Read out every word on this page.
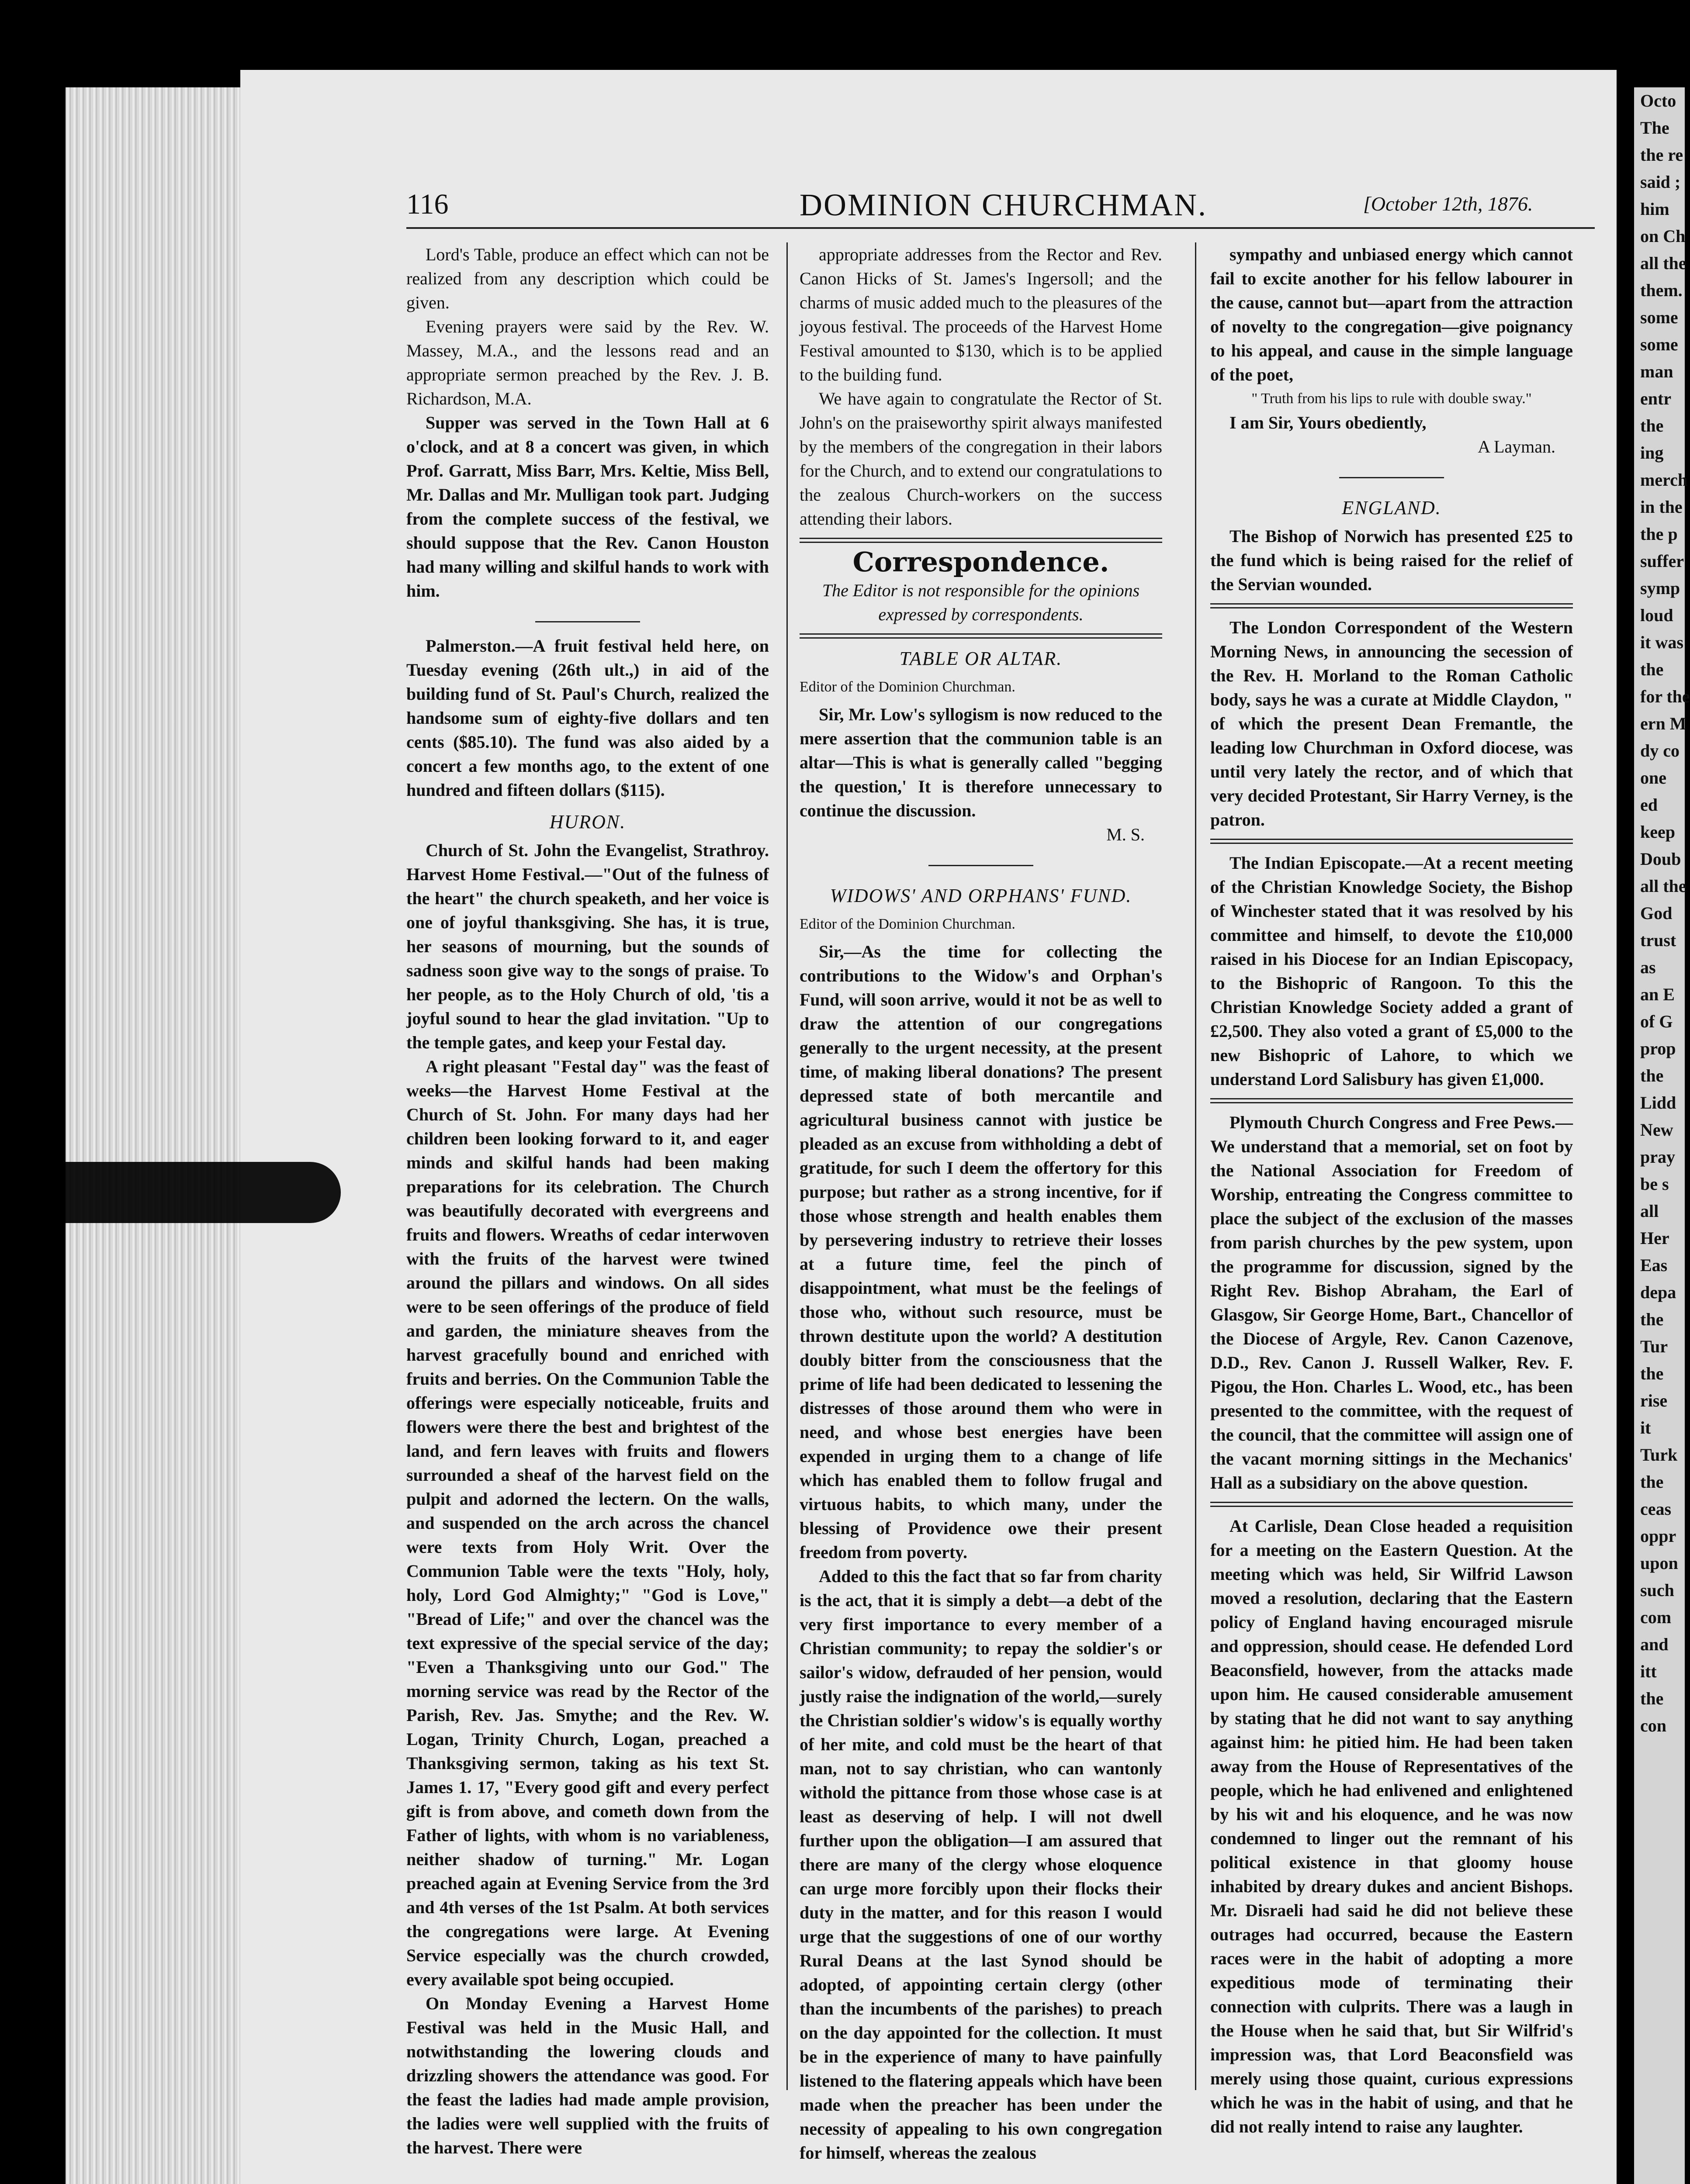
Octo
The
the re
said ;
him
on Ch
all the
them.
some
some
man
entr
the
ing
merch
in the
the p
suffer
symp
loud
it was
the
for the
ern M
dy co
one
ed
keep
Doub
all the
God
trust
as
an E
of G
prop
the
Lidd
New
pray
be s
all
Her
Eas
depa
the
Tur
the
rise
it
Turk
the
ceas
oppr
upon
such
com
and
itt
the
con
116	DOMINION CHURCHMAN.	[October 12th, 1876.

Lord's Table, produce an effect which can not be realized from any description which could be given.

Evening prayers were said by the Rev. W. Massey, M.A., and the lessons read and an appropriate sermon preached by the Rev. J. B. Richardson, M.A.

Supper was served in the Town Hall at 6 o'clock, and at 8 a concert was given, in which Prof. Garratt, Miss Barr, Mrs. Keltie, Miss Bell, Mr. Dallas and Mr. Mulligan took part. Judging from the complete success of the festival, we should suppose that the Rev. Canon Houston had many willing and skilful hands to work with him.

Palmerston.—A fruit festival held here, on Tuesday evening (26th ult.,) in aid of the building fund of St. Paul's Church, realized the handsome sum of eighty-five dollars and ten cents ($85.10). The fund was also aided by a concert a few months ago, to the extent of one hundred and fifteen dollars ($115).

HURON.

Church of St. John the Evangelist, Strathroy. Harvest Home Festival.—"Out of the fulness of the heart" the church speaketh, and her voice is one of joyful thanksgiving. She has, it is true, her seasons of mourning, but the sounds of sadness soon give way to the songs of praise. To her people, as to the Holy Church of old, 'tis a joyful sound to hear the glad invitation. "Up to the temple gates, and keep your Festal day.

A right pleasant "Festal day" was the feast of weeks—the Harvest Home Festival at the Church of St. John. For many days had her children been looking forward to it, and eager minds and skilful hands had been making preparations for its celebration. The Church was beautifully decorated with evergreens and fruits and flowers. Wreaths of cedar interwoven with the fruits of the harvest were twined around the pillars and windows. On all sides were to be seen offerings of the produce of field and garden, the miniature sheaves from the harvest gracefully bound and enriched with fruits and berries. On the Communion Table the offerings were especially noticeable, fruits and flowers were there the best and brightest of the land, and fern leaves with fruits and flowers surrounded a sheaf of the harvest field on the pulpit and adorned the lectern. On the walls, and suspended on the arch across the chancel were texts from Holy Writ. Over the Communion Table were the texts "Holy, holy, holy, Lord God Almighty;" "God is Love," "Bread of Life;" and over the chancel was the text expressive of the special service of the day; "Even a Thanksgiving unto our God." The morning service was read by the Rector of the Parish, Rev. Jas. Smythe; and the Rev. W. Logan, Trinity Church, Logan, preached a Thanksgiving sermon, taking as his text St. James 1. 17, "Every good gift and every perfect gift is from above, and cometh down from the Father of lights, with whom is no variableness, neither shadow of turning." Mr. Logan preached again at Evening Service from the 3rd and 4th verses of the 1st Psalm. At both services the congregations were large. At Evening Service especially was the church crowded, every available spot being occupied.

On Monday Evening a Harvest Home Festival was held in the Music Hall, and notwithstanding the lowering clouds and drizzling showers the attendance was good. For the feast the ladies had made ample provision, the ladies were well supplied with the fruits of the harvest. There were

appropriate addresses from the Rector and Rev. Canon Hicks of St. James's Ingersoll; and the charms of music added much to the pleasures of the joyous festival. The proceeds of the Harvest Home Festival amounted to $130, which is to be applied to the building fund.

We have again to congratulate the Rector of St. John's on the praiseworthy spirit always manifested by the members of the congregation in their labors for the Church, and to extend our congratulations to the zealous Church-workers on the success attending their labors.

Correspondence.
The Editor is not responsible for the opinions expressed by correspondents.
TABLE OR ALTAR.
Editor of the Dominion Churchman.

Sir, Mr. Low's syllogism is now reduced to the mere assertion that the communion table is an altar—This is what is generally called "begging the question,' It is therefore unnecessary to continue the discussion.

M. S.
WIDOWS' AND ORPHANS' FUND.
Editor of the Dominion Churchman.

Sir,—As the time for collecting the contributions to the Widow's and Orphan's Fund, will soon arrive, would it not be as well to draw the attention of our congregations generally to the urgent necessity, at the present time, of making liberal donations? The present depressed state of both mercantile and agricultural business cannot with justice be pleaded as an excuse from withholding a debt of gratitude, for such I deem the offertory for this purpose; but rather as a strong incentive, for if those whose strength and health enables them by persevering industry to retrieve their losses at a future time, feel the pinch of disappointment, what must be the feelings of those who, without such resource, must be thrown destitute upon the world? A destitution doubly bitter from the consciousness that the prime of life had been dedicated to lessening the distresses of those around them who were in need, and whose best energies have been expended in urging them to a change of life which has enabled them to follow frugal and virtuous habits, to which many, under the blessing of Providence owe their present freedom from poverty.

Added to this the fact that so far from charity is the act, that it is simply a debt—a debt of the very first importance to every member of a Christian community; to repay the soldier's or sailor's widow, defrauded of her pension, would justly raise the indignation of the world,—surely the Christian soldier's widow's is equally worthy of her mite, and cold must be the heart of that man, not to say christian, who can wantonly withold the pittance from those whose case is at least as deserving of help. I will not dwell further upon the obligation—I am assured that there are many of the clergy whose eloquence can urge more forcibly upon their flocks their duty in the matter, and for this reason I would urge that the suggestions of one of our worthy Rural Deans at the last Synod should be adopted, of appointing certain clergy (other than the incumbents of the parishes) to preach on the day appointed for the collection. It must be in the experience of many to have painfully listened to the flatering appeals which have been made when the preacher has been under the necessity of appealing to his own congregation for himself, whereas the zealous

sympathy and unbiased energy which cannot fail to excite another for his fellow labourer in the cause, cannot but—apart from the attraction of novelty to the congregation—give poignancy to his appeal, and cause in the simple language of the poet,

" Truth from his lips to rule with double sway."

I am Sir, Yours obediently,

A Layman.
ENGLAND.

The Bishop of Norwich has presented £25 to the fund which is being raised for the relief of the Servian wounded.

The London Correspondent of the Western Morning News, in announcing the secession of the Rev. H. Morland to the Roman Catholic body, says he was a curate at Middle Claydon, " of which the present Dean Fremantle, the leading low Churchman in Oxford diocese, was until very lately the rector, and of which that very decided Protestant, Sir Harry Verney, is the patron.

The Indian Episcopate.—At a recent meeting of the Christian Knowledge Society, the Bishop of Winchester stated that it was resolved by his committee and himself, to devote the £10,000 raised in his Diocese for an Indian Episcopacy, to the Bishopric of Rangoon. To this the Christian Knowledge Society added a grant of £2,500. They also voted a grant of £5,000 to the new Bishopric of Lahore, to which we understand Lord Salisbury has given £1,000.

Plymouth Church Congress and Free Pews.—We understand that a memorial, set on foot by the National Association for Freedom of Worship, entreating the Congress committee to place the subject of the exclusion of the masses from parish churches by the pew system, upon the programme for discussion, signed by the Right Rev. Bishop Abraham, the Earl of Glasgow, Sir George Home, Bart., Chancellor of the Diocese of Argyle, Rev. Canon Cazenove, D.D., Rev. Canon J. Russell Walker, Rev. F. Pigou, the Hon. Charles L. Wood, etc., has been presented to the committee, with the request of the council, that the committee will assign one of the vacant morning sittings in the Mechanics' Hall as a subsidiary on the above question.

At Carlisle, Dean Close headed a requisition for a meeting on the Eastern Question. At the meeting which was held, Sir Wilfrid Lawson moved a resolution, declaring that the Eastern policy of England having encouraged misrule and oppression, should cease. He defended Lord Beaconsfield, however, from the attacks made upon him. He caused considerable amusement by stating that he did not want to say anything against him: he pitied him. He had been taken away from the House of Representatives of the people, which he had enlivened and enlightened by his wit and his eloquence, and he was now condemned to linger out the remnant of his political existence in that gloomy house inhabited by dreary dukes and ancient Bishops. Mr. Disraeli had said he did not believe these outrages had occurred, because the Eastern races were in the habit of adopting a more expeditious mode of terminating their connection with culprits. There was a laugh in the House when he said that, but Sir Wilfrid's impression was, that Lord Beaconsfield was merely using those quaint, curious expressions which he was in the habit of using, and that he did not really intend to raise any laughter.
